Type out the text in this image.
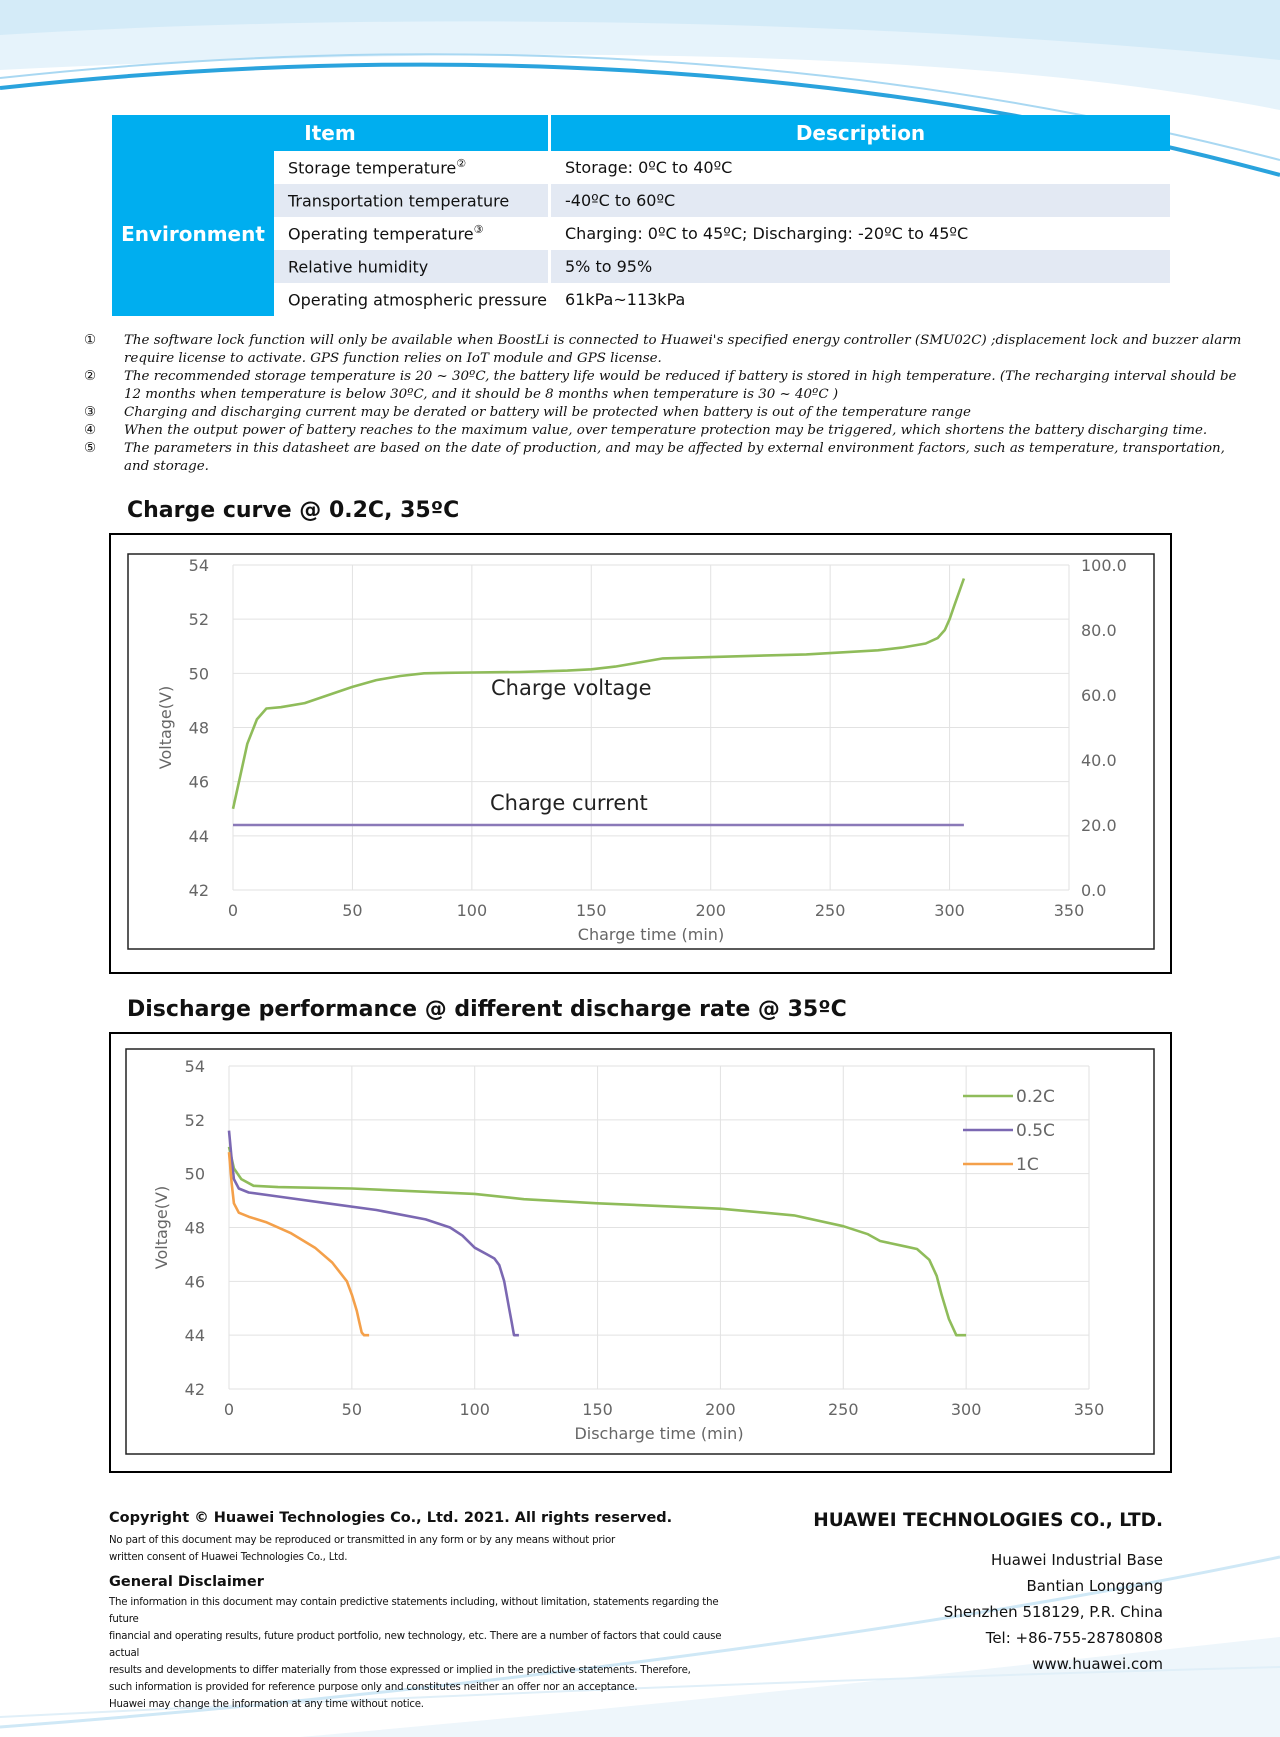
Item		Description
Environment	Storage temperature②	Storage: 0ºC to 40ºC
	Transportation temperature	-40ºC to 60ºC
	Operating temperature③	Charging: 0ºC to 45ºC; Discharging: -20ºC to 45ºC
	Relative humidity	5% to 95%
	Operating atmospheric pressure	61kPa~113kPa
① The software lock function will only be available when BoostLi is connected to Huawei's specified energy controller (SMU02C) ;displacement lock and buzzer alarm require license to activate. GPS function relies on IoT module and GPS license.
② The recommended storage temperature is 20 ~ 30ºC, the battery life would be reduced if battery is stored in high temperature. (The recharging interval should be 12 months when temperature is below 30ºC, and it should be 8 months when temperature is 30 ~ 40ºC )
③ Charging and discharging current may be derated or battery will be protected when battery is out of the temperature range
④ When the output power of battery reaches to the maximum value, over temperature protection may be triggered, which shortens the battery discharging time.
⑤ The parameters in this datasheet are based on the date of production, and may be affected by external environment factors, such as temperature, transportation, and storage.
Charge curve @ 0.2C, 35ºC
0	50	100	150	200	250	300	350
42
44
46
48
50
52
54
0.0
20.0
40.0
60.0
80.0
100.0
Charge time (min)
Voltage(V)	Charge voltage
Charge current
Discharge performance @ different discharge rate @ 35ºC
0	50	100	150	200	250	300	350
42
44
46
48
50
52
54
Discharge time (min)
Voltage(V)
0.2C
0.5C
1C

Copyright © Huawei Technologies Co., Ltd. 2021. All rights reserved.

No part of this document may be reproduced or transmitted in any form or by any means without prior

written consent of Huawei Technologies Co., Ltd.

General Disclaimer

The information in this document may contain predictive statements including, without limitation, statements regarding the future

financial and operating results, future product portfolio, new technology, etc. There are a number of factors that could cause actual

results and developments to differ materially from those expressed or implied in the predictive statements. Therefore,

such information is provided for reference purpose only and constitutes neither an offer nor an acceptance.

Huawei may change the information at any time without notice.

HUAWEI TECHNOLOGIES CO., LTD.

Huawei Industrial Base

Bantian Longgang

Shenzhen 518129, P.R. China

Tel: +86-755-28780808

www.huawei.com
